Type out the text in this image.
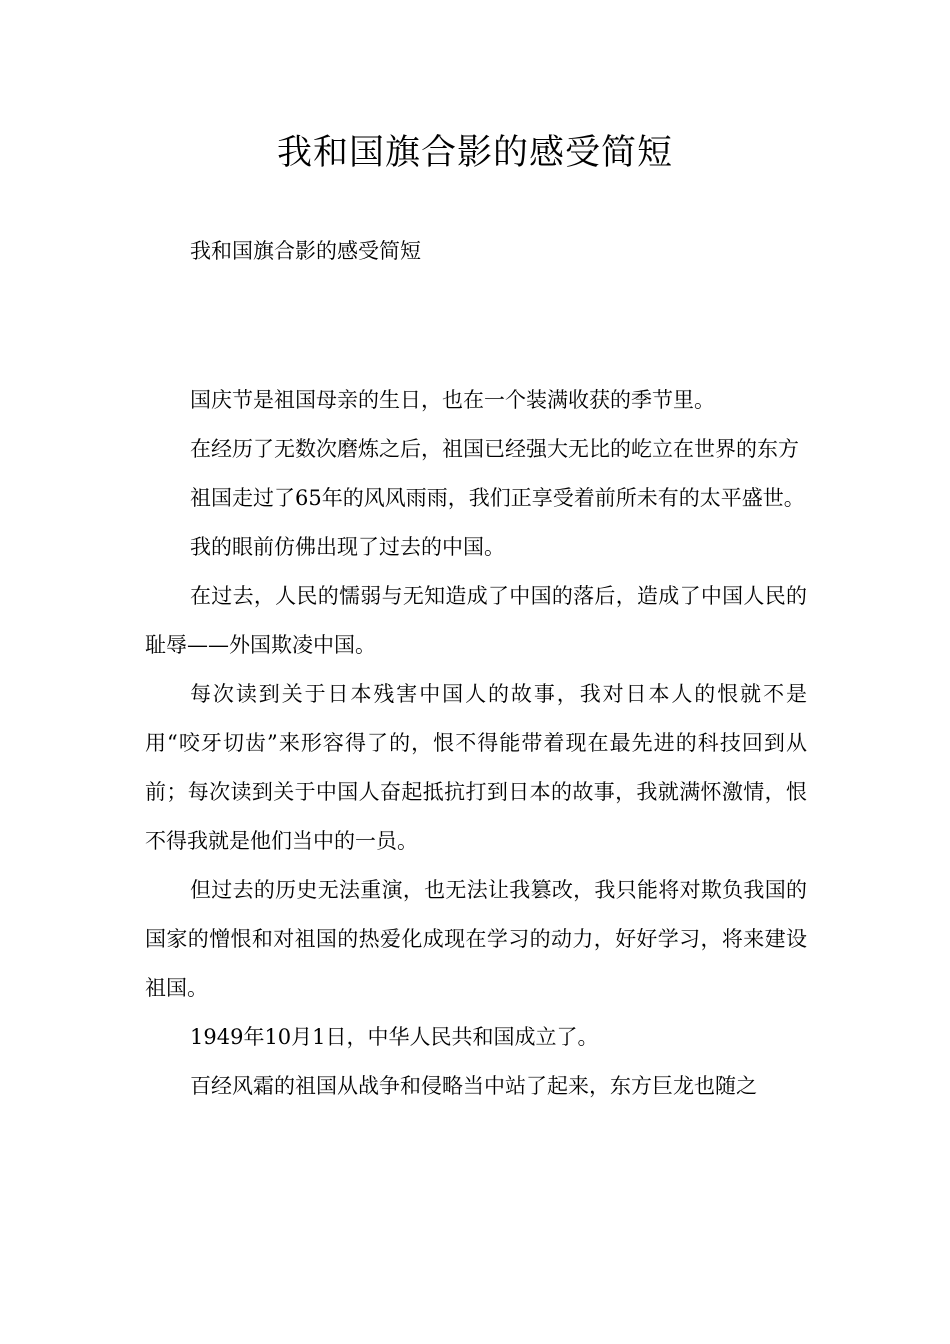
我和国旗合影的感受简短

我和国旗合影的感受简短

国庆节是祖国母亲的生日，也在一个装满收获的季节里。

在经历了无数次磨炼之后，祖国已经强大无比的屹立在世界的东方

祖国走过了65年的风风雨雨，我们正享受着前所未有的太平盛世。

我的眼前仿佛出现了过去的中国。

在过去，人民的懦弱与无知造成了中国的落后，造成了中国人民的耻辱——外国欺凌中国。

每次读到关于日本残害中国人的故事，我对日本人的恨就不是用“咬牙切齿”来形容得了的，恨不得能带着现在最先进的科技回到从前；每次读到关于中国人奋起抵抗打到日本的故事，我就满怀激情，恨不得我就是他们当中的一员。

但过去的历史无法重演，也无法让我篡改，我只能将对欺负我国的国家的憎恨和对祖国的热爱化成现在学习的动力，好好学习，将来建设祖国。

1949年10月1日，中华人民共和国成立了。

百经风霜的祖国从战争和侵略当中站了起来，东方巨龙也随之
